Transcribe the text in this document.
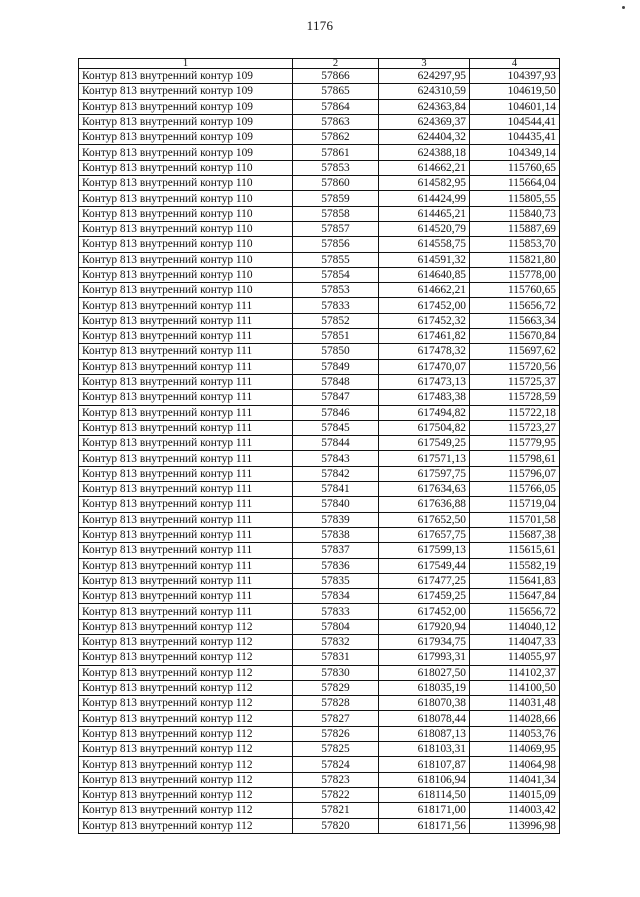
1176
1	2	3	4
Контур 813 внутренний контур 109	57866	624297,95	104397,93
Контур 813 внутренний контур 109	57865	624310,59	104619,50
Контур 813 внутренний контур 109	57864	624363,84	104601,14
Контур 813 внутренний контур 109	57863	624369,37	104544,41
Контур 813 внутренний контур 109	57862	624404,32	104435,41
Контур 813 внутренний контур 109	57861	624388,18	104349,14
Контур 813 внутренний контур 110	57853	614662,21	115760,65
Контур 813 внутренний контур 110	57860	614582,95	115664,04
Контур 813 внутренний контур 110	57859	614424,99	115805,55
Контур 813 внутренний контур 110	57858	614465,21	115840,73
Контур 813 внутренний контур 110	57857	614520,79	115887,69
Контур 813 внутренний контур 110	57856	614558,75	115853,70
Контур 813 внутренний контур 110	57855	614591,32	115821,80
Контур 813 внутренний контур 110	57854	614640,85	115778,00
Контур 813 внутренний контур 110	57853	614662,21	115760,65
Контур 813 внутренний контур 111	57833	617452,00	115656,72
Контур 813 внутренний контур 111	57852	617452,32	115663,34
Контур 813 внутренний контур 111	57851	617461,82	115670,84
Контур 813 внутренний контур 111	57850	617478,32	115697,62
Контур 813 внутренний контур 111	57849	617470,07	115720,56
Контур 813 внутренний контур 111	57848	617473,13	115725,37
Контур 813 внутренний контур 111	57847	617483,38	115728,59
Контур 813 внутренний контур 111	57846	617494,82	115722,18
Контур 813 внутренний контур 111	57845	617504,82	115723,27
Контур 813 внутренний контур 111	57844	617549,25	115779,95
Контур 813 внутренний контур 111	57843	617571,13	115798,61
Контур 813 внутренний контур 111	57842	617597,75	115796,07
Контур 813 внутренний контур 111	57841	617634,63	115766,05
Контур 813 внутренний контур 111	57840	617636,88	115719,04
Контур 813 внутренний контур 111	57839	617652,50	115701,58
Контур 813 внутренний контур 111	57838	617657,75	115687,38
Контур 813 внутренний контур 111	57837	617599,13	115615,61
Контур 813 внутренний контур 111	57836	617549,44	115582,19
Контур 813 внутренний контур 111	57835	617477,25	115641,83
Контур 813 внутренний контур 111	57834	617459,25	115647,84
Контур 813 внутренний контур 111	57833	617452,00	115656,72
Контур 813 внутренний контур 112	57804	617920,94	114040,12
Контур 813 внутренний контур 112	57832	617934,75	114047,33
Контур 813 внутренний контур 112	57831	617993,31	114055,97
Контур 813 внутренний контур 112	57830	618027,50	114102,37
Контур 813 внутренний контур 112	57829	618035,19	114100,50
Контур 813 внутренний контур 112	57828	618070,38	114031,48
Контур 813 внутренний контур 112	57827	618078,44	114028,66
Контур 813 внутренний контур 112	57826	618087,13	114053,76
Контур 813 внутренний контур 112	57825	618103,31	114069,95
Контур 813 внутренний контур 112	57824	618107,87	114064,98
Контур 813 внутренний контур 112	57823	618106,94	114041,34
Контур 813 внутренний контур 112	57822	618114,50	114015,09
Контур 813 внутренний контур 112	57821	618171,00	114003,42
Контур 813 внутренний контур 112	57820	618171,56	113996,98
